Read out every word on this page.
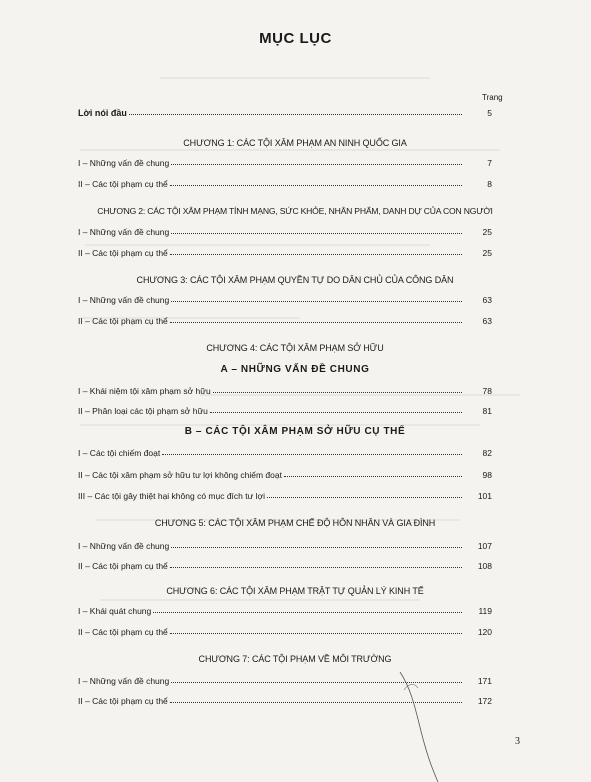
MỤC LỤC
Trang
Lời nói đầu	5
CHƯƠNG 1: CÁC TỘI XÂM PHẠM AN NINH QUỐC GIA
I – Những vấn đề chung	7
II – Các tội phạm cụ thể	8
CHƯƠNG 2: CÁC TỘI XÂM PHẠM TÍNH MẠNG, SỨC KHỎE, NHÂN PHẨM, DANH DỰ CỦA CON NGƯỜI
I – Những vấn đề chung	25
II – Các tội phạm cụ thể	25
CHƯƠNG 3: CÁC TỘI XÂM PHẠM QUYỀN TỰ DO DÂN CHỦ CỦA CÔNG DÂN
I – Những vấn đề chung	63
II – Các tội phạm cụ thể	63
CHƯƠNG 4: CÁC TỘI XÂM PHẠM SỞ HỮU
A – NHỮNG VẤN ĐỀ CHUNG
I – Khái niệm tội xâm phạm sở hữu	78
II – Phân loại các tội phạm sở hữu	81
B – CÁC TỘI XÂM PHẠM SỞ HỮU CỤ THỂ
I – Các tội chiếm đoạt	82
II – Các tội xâm phạm sở hữu tư lợi không chiếm đoạt	98
III – Các tội gây thiệt hại không có mục đích tư lợi	101
CHƯƠNG 5: CÁC TỘI XÂM PHẠM CHẾ ĐỘ HÔN NHÂN VÀ GIA ĐÌNH
I – Những vấn đề chung	107
II – Các tội phạm cụ thể	108
CHƯƠNG 6: CÁC TỘI XÂM PHẠM TRẬT TỰ QUẢN LÝ KINH TẾ
I – Khái quát chung	119
II – Các tội phạm cụ thể	120
CHƯƠNG 7: CÁC TỘI PHẠM VỀ MÔI TRƯỜNG
I – Những vấn đề chung	171
II – Các tội phạm cụ thể	172
3
